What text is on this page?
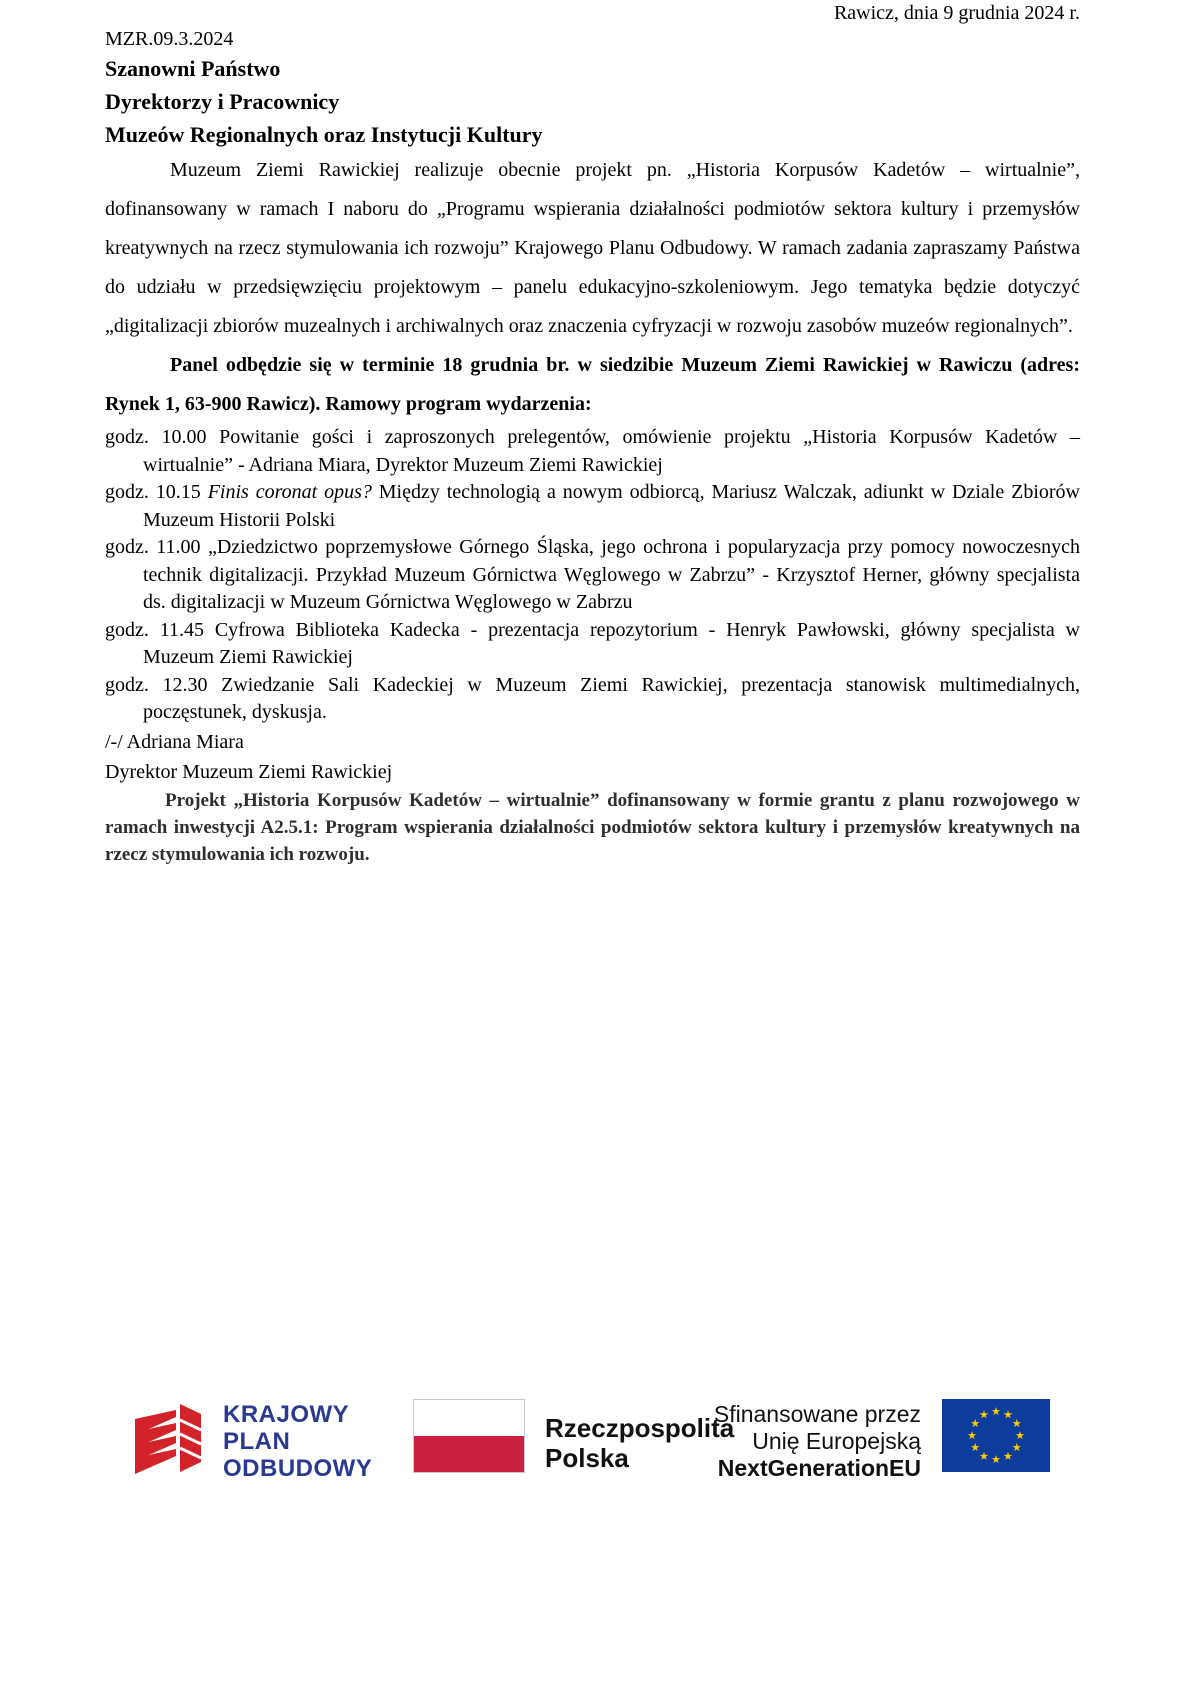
Rawicz, dnia 9 grudnia 2024 r.
MZR.09.3.2024
Szanowni Państwo
Dyrektorzy i Pracownicy
Muzeów Regionalnych oraz Instytucji Kultury

Muzeum Ziemi Rawickiej realizuje obecnie projekt pn. „Historia Korpusów Kadetów – wirtualnie”, dofinansowany w ramach I naboru do „Programu wspierania działalności podmiotów sektora kultury i przemysłów kreatywnych na rzecz stymulowania ich rozwoju” Krajowego Planu Odbudowy. W ramach zadania zapraszamy Państwa do udziału w przedsięwzięciu projektowym – panelu edukacyjno-szkoleniowym. Jego tematyka będzie dotyczyć „digitalizacji zbiorów muzealnych i archiwalnych oraz znaczenia cyfryzacji w rozwoju zasobów muzeów regionalnych”.

Panel odbędzie się w terminie 18 grudnia br. w siedzibie Muzeum Ziemi Rawickiej w Rawiczu (adres: Rynek 1, 63-900 Rawicz). Ramowy program wydarzenia:

godz. 10.00 Powitanie gości i zaproszonych prelegentów, omówienie projektu „Historia Korpusów Kadetów – wirtualnie” - Adriana Miara, Dyrektor Muzeum Ziemi Rawickiej
godz. 10.15 Finis coronat opus? Między technologią a nowym odbiorcą, Mariusz Walczak, adiunkt w Dziale Zbiorów Muzeum Historii Polski
godz. 11.00 „Dziedzictwo poprzemysłowe Górnego Śląska, jego ochrona i popularyzacja przy pomocy nowoczesnych technik digitalizacji. Przykład Muzeum Górnictwa Węglowego w Zabrzu” - Krzysztof Herner, główny specjalista ds. digitalizacji w Muzeum Górnictwa Węglowego w Zabrzu
godz. 11.45 Cyfrowa Biblioteka Kadecka - prezentacja repozytorium - Henryk Pawłowski, główny specjalista w Muzeum Ziemi Rawickiej
godz. 12.30 Zwiedzanie Sali Kadeckiej w Muzeum Ziemi Rawickiej, prezentacja stanowisk multimedialnych, poczęstunek, dyskusja.
/-/ Adriana Miara
Dyrektor Muzeum Ziemi Rawickiej

Projekt „Historia Korpusów Kadetów – wirtualnie” dofinansowany w formie grantu z planu rozwojowego w ramach inwestycji A2.5.1: Program wspierania działalności podmiotów sektora kultury i przemysłów kreatywnych na rzecz stymulowania ich rozwoju.

KRAJOWY
PLAN
ODBUDOWY
Rzeczpospolita
Polska
Sfinansowane przez
Unię Europejską
NextGenerationEU
